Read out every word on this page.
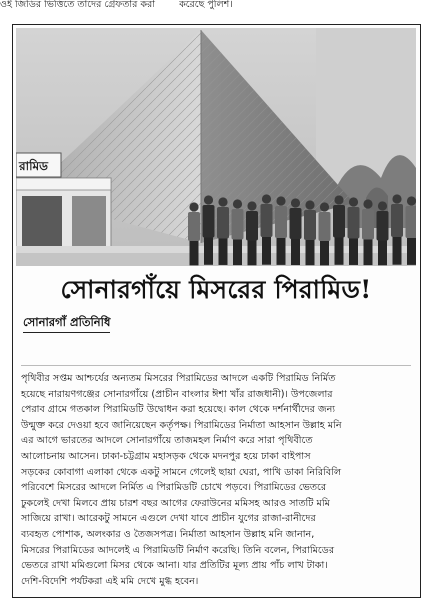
ওই জিডির ভিত্তিতে তাদের গ্রেফতার করা	করেছে পুলিশ।
রামিড
সোনারগাঁয়ে মিসরের পিরামিড!
সোনারগাঁ প্রতিনিধি

পৃথিবীর সপ্তম আশ্চর্যের অন্যতম মিসরের পিরামিডের আদলে একটি পিরামিড নির্মিত

হয়েছে নারায়ণগঞ্জের সোনারগাঁয়ে (প্রাচীন বাংলার ঈশা খাঁর রাজধানী)। উপজেলার

পেরাব গ্রামে গতকাল পিরামিডটি উদ্বোধন করা হয়েছে। কাল থেকে দর্শনার্থীদের জন্য

উন্মুক্ত করে দেওয়া হবে জানিয়েছেন কর্তৃপক্ষ। পিরামিডের নির্মাতা আহসান উল্লাহ মনি

এর আগে ভারতের আদলে সোনারগাঁয়ে তাজমহল নির্মাণ করে সারা পৃথিবীতে

আলোচনায় আসেন। ঢাকা-চট্টগ্রাম মহাসড়ক থেকে মদনপুর হয়ে ঢাকা বাইপাস

সড়কের কোবাগা এলাকা থেকে একটু সামনে গেলেই ছায়া ঘেরা, পাখি ডাকা নিরিবিলি

পরিবেশে মিসরের আদলে নির্মিত এ পিরামিডটি চোখে পড়বে। পিরামিডের ভেতরে

ঢুকলেই দেখা মিলবে প্রায় চারশ বছর আগের ফেরাউনের মমিসহ আরও সাতটি মমি

সাজিয়ে রাখা। আরেকটু সামনে এগুলে দেখা যাবে প্রাচীন যুগের রাজা-রানীদের

ব্যবহৃত পোশাক, অলংকার ও তৈজসপত্র। নির্মাতা আহসান উল্লাহ মনি জানান,

মিসরের পিরামিডের আদলেই এ পিরামিডটি নির্মাণ করেছি। তিনি বলেন, পিরামিডের

ভেতরে রাখা মমিগুলো মিসর থেকে আনা। যার প্রতিটির মূল্য প্রায় পাঁচ লাখ টাকা।

দেশি-বিদেশি পর্যটকরা এই মমি দেখে মুগ্ধ হবেন।
